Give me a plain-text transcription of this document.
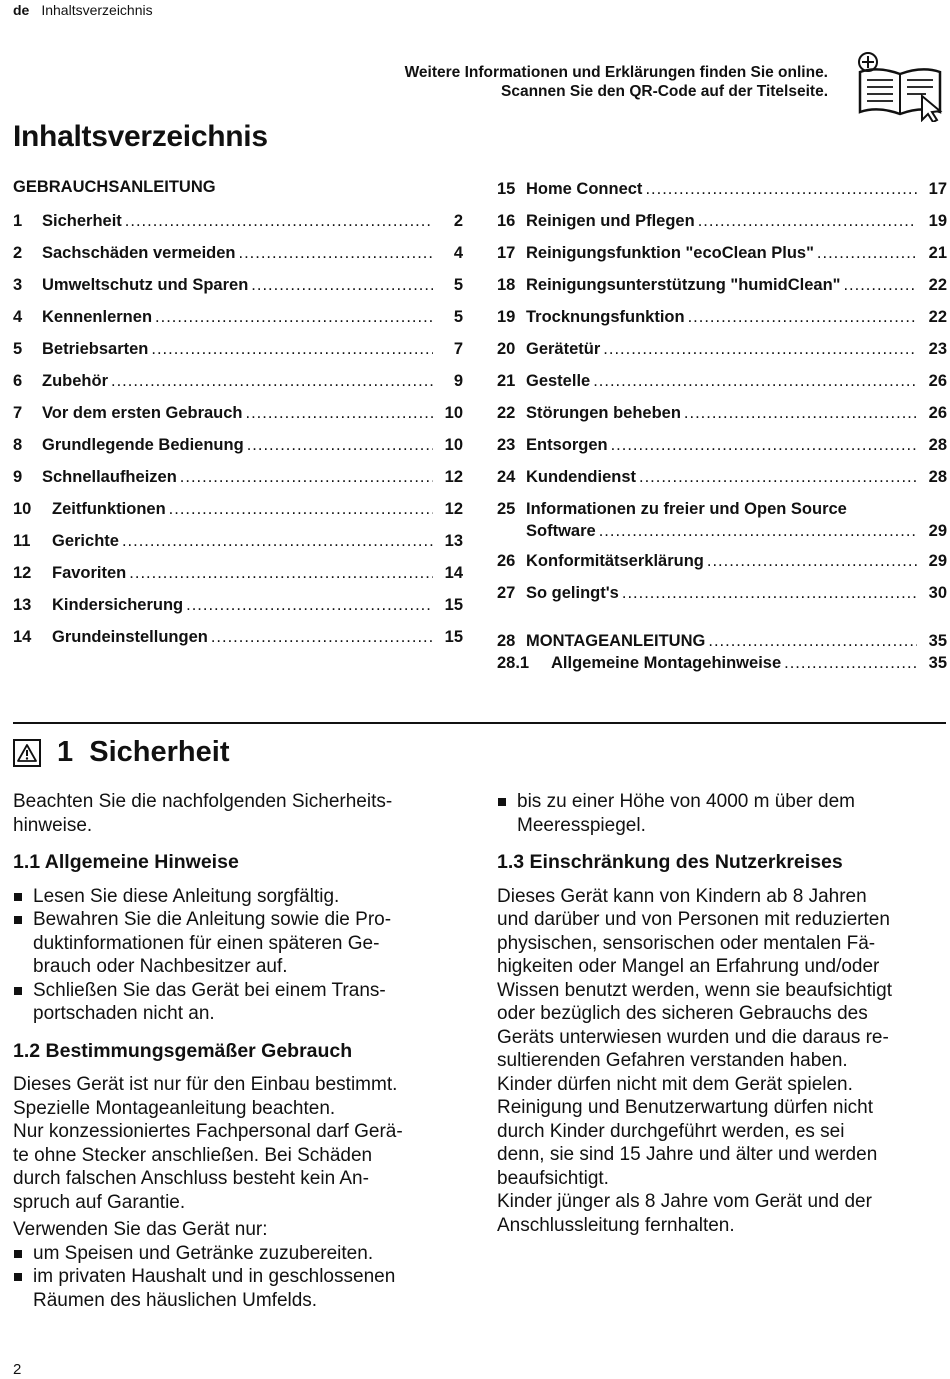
de Inhaltsverzeichnis
Weitere Informationen und Erklärungen finden Sie online.
Scannen Sie den QR-Code auf der Titelseite.
Inhaltsverzeichnis
GEBRAUCHSANLEITUNG
1	Sicherheit .....	2
2	Sachschäden vermeiden .....	4
3	Umweltschutz und Sparen .....	5
4	Kennenlernen .....	5
5	Betriebsarten .....	7
6	Zubehör .....	9
7	Vor dem ersten Gebrauch .....	10
8	Grundlegende Bedienung .....	10
9	Schnellaufheizen .....	12
10	Zeitfunktionen .....	12
11	Gerichte .....	13
12	Favoriten .....	14
13	Kindersicherung .....	15
14	Grundeinstellungen .....	15
15 Home Connect .....	17
16 Reinigen und Pflegen .....	19
17 Reinigungsfunktion "ecoClean Plus" .....	21
18 Reinigungsunterstützung "humidClean" .....	22
19 Trocknungsfunktion .....	22
20 Gerätetür .....	23
21 Gestelle .....	26
22 Störungen beheben .....	26
23 Entsorgen .....	28
24 Kundendienst .....	28
25 Informationen zu freier und Open Source
Software .....	29
26 Konformitätserklärung .....	29
27 So gelingt's .....	30
28 MONTAGEANLEITUNG .....	35
28.1	Allgemeine Montagehinweise .....	35
1 Sicherheit

Beachten Sie die nachfolgenden Sicherheits-
hinweise.

1.1 Allgemeine Hinweise
Lesen Sie diese Anleitung sorgfältig.
Bewahren Sie die Anleitung sowie die Pro-
duktinformationen für einen späteren Ge-
brauch oder Nachbesitzer auf.
Schließen Sie das Gerät bei einem Trans-
portschaden nicht an.
1.2 Bestimmungsgemäßer Gebrauch

Dieses Gerät ist nur für den Einbau bestimmt.
Spezielle Montageanleitung beachten.
Nur konzessioniertes Fachpersonal darf Gerä-
te ohne Stecker anschließen. Bei Schäden
durch falschen Anschluss besteht kein An-
spruch auf Garantie.

Verwenden Sie das Gerät nur:

um Speisen und Getränke zuzubereiten.
im privaten Haushalt und in geschlossenen
Räumen des häuslichen Umfelds.
bis zu einer Höhe von 4000 m über dem
Meeresspiegel.
1.3 Einschränkung des Nutzerkreises

Dieses Gerät kann von Kindern ab 8 Jahren
und darüber und von Personen mit reduzierten
physischen, sensorischen oder mentalen Fä-
higkeiten oder Mangel an Erfahrung und/oder
Wissen benutzt werden, wenn sie beaufsichtigt
oder bezüglich des sicheren Gebrauchs des
Geräts unterwiesen wurden und die daraus re-
sultierenden Gefahren verstanden haben.
Kinder dürfen nicht mit dem Gerät spielen.
Reinigung und Benutzerwartung dürfen nicht
durch Kinder durchgeführt werden, es sei
denn, sie sind 15 Jahre und älter und werden
beaufsichtigt.
Kinder jünger als 8 Jahre vom Gerät und der
Anschlussleitung fernhalten.

2
